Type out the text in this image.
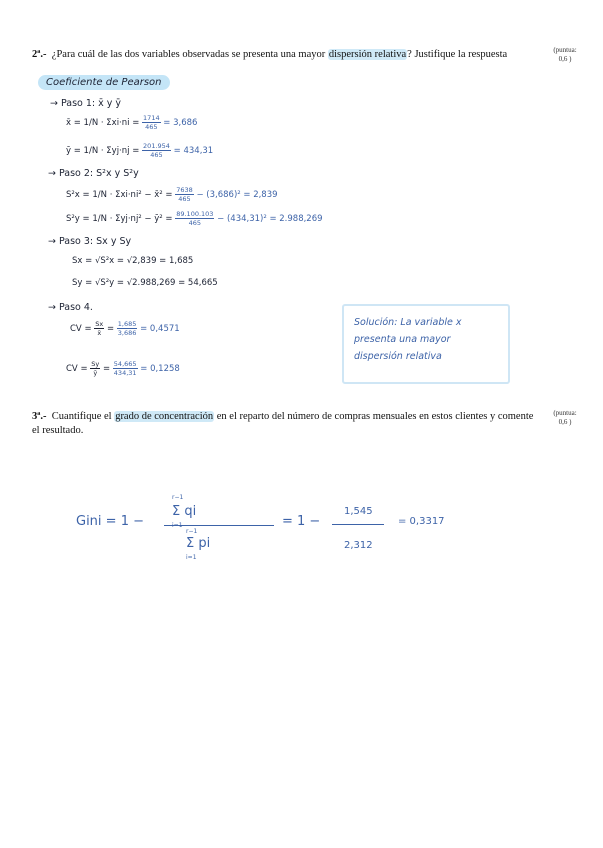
2ª.- ¿Para cuál de las dos variables observadas se presenta una mayor dispersión relativa? Justifique la respuesta	(puntua:
0,6 )
Coeficiente de Pearson
→ Paso 1: x̄ y ȳ
x̄ = $1/N \cdot \Sigma xi\cdot ni = \frac{1714}{465} = 3,686$
ȳ = $1/N \cdot \Sigma yj\cdot nj = \frac{201.954}{465} = 434,31$
→ Paso 2: S²x y S²y
S²x = 1/N · Σxi·ni² − x̄² = $\frac{7638}{465} - (3,686)^2 = 2,839$
S²y = 1/N · Σyj·nj² − ȳ² = $\frac{89.100.103}{465} - (434,31)^2 = 2.988,269$
→ Paso 3: Sx y Sy
Sx = √S²x = √2,839 = 1,685
Sy = √S²y = √2.988,269 = 54,665
→ Paso 4.
CV = $\frac{Sx}{x̄} = \frac{1,685}{3,686} = 0,4571$
CV = $\frac{Sy}{ȳ} = \frac{54,665}{434,31} = 0,1258$
Solución: La variable x presenta una mayor dispersión relativa
3ª.- Cuantifique el grado de concentración en el reparto del número de compras mensuales en estos clientes y comente el resultado.
(puntua:
0,6 )
Gini = 1 −
r−1
Σ qi
r−1
Σ pi
i=1
= 1 −
1,545
2,312
= 0,3317
